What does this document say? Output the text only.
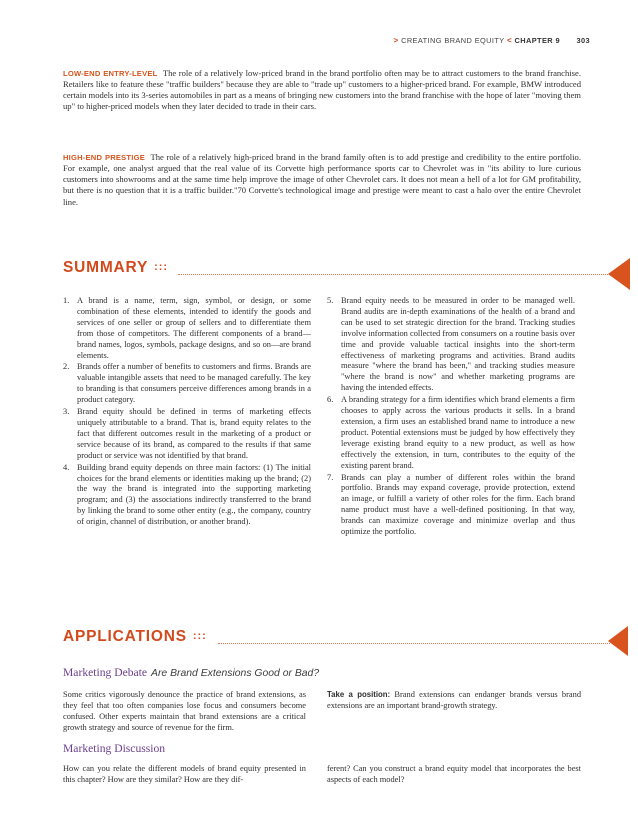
> CREATING BRAND EQUITY < CHAPTER 9 303
LOW-END ENTRY-LEVEL The role of a relatively low-priced brand in the brand portfolio often may be to attract customers to the brand franchise. Retailers like to feature these "traffic builders" because they are able to "trade up" customers to a higher-priced brand. For example, BMW introduced certain models into its 3-series automobiles in part as a means of bringing new customers into the brand franchise with the hope of later "moving them up" to higher-priced models when they later decided to trade in their cars.
HIGH-END PRESTIGE The role of a relatively high-priced brand in the brand family often is to add prestige and credibility to the entire portfolio. For example, one analyst argued that the real value of its Corvette high performance sports car to Chevrolet was in "its ability to lure curious customers into showrooms and at the same time help improve the image of other Chevrolet cars. It does not mean a hell of a lot for GM profitability, but there is no question that it is a traffic builder."70 Corvette's technological image and prestige were meant to cast a halo over the entire Chevrolet line.
SUMMARY :::
1. A brand is a name, term, sign, symbol, or design, or some combination of these elements, intended to identify the goods and services of one seller or group of sellers and to differentiate them from those of competitors. The different components of a brand—brand names, logos, symbols, package designs, and so on—are brand elements.
2. Brands offer a number of benefits to customers and firms. Brands are valuable intangible assets that need to be managed carefully. The key to branding is that consumers perceive differences among brands in a product category.
3. Brand equity should be defined in terms of marketing effects uniquely attributable to a brand. That is, brand equity relates to the fact that different outcomes result in the marketing of a product or service because of its brand, as compared to the results if that same product or service was not identified by that brand.
4. Building brand equity depends on three main factors: (1) The initial choices for the brand elements or identities making up the brand; (2) the way the brand is integrated into the supporting marketing program; and (3) the associations indirectly transferred to the brand by linking the brand to some other entity (e.g., the company, country of origin, channel of distribution, or another brand).
5. Brand equity needs to be measured in order to be managed well. Brand audits are in-depth examinations of the health of a brand and can be used to set strategic direction for the brand. Tracking studies involve information collected from consumers on a routine basis over time and provide valuable tactical insights into the short-term effectiveness of marketing programs and activities. Brand audits measure "where the brand has been," and tracking studies measure "where the brand is now" and whether marketing programs are having the intended effects.
6. A branding strategy for a firm identifies which brand elements a firm chooses to apply across the various products it sells. In a brand extension, a firm uses an established brand name to introduce a new product. Potential extensions must be judged by how effectively they leverage existing brand equity to a new product, as well as how effectively the extension, in turn, contributes to the equity of the existing parent brand.
7. Brands can play a number of different roles within the brand portfolio. Brands may expand coverage, provide protection, extend an image, or fulfill a variety of other roles for the firm. Each brand name product must have a well-defined positioning. In that way, brands can maximize coverage and minimize overlap and thus optimize the portfolio.
APPLICATIONS :::
Marketing Debate Are Brand Extensions Good or Bad?
Some critics vigorously denounce the practice of brand extensions, as they feel that too often companies lose focus and consumers become confused. Other experts maintain that brand extensions are a critical growth strategy and source of revenue for the firm.
Take a position: Brand extensions can endanger brands versus brand extensions are an important brand-growth strategy.
Marketing Discussion
How can you relate the different models of brand equity presented in this chapter? How are they similar? How are they dif-
ferent? Can you construct a brand equity model that incorporates the best aspects of each model?
